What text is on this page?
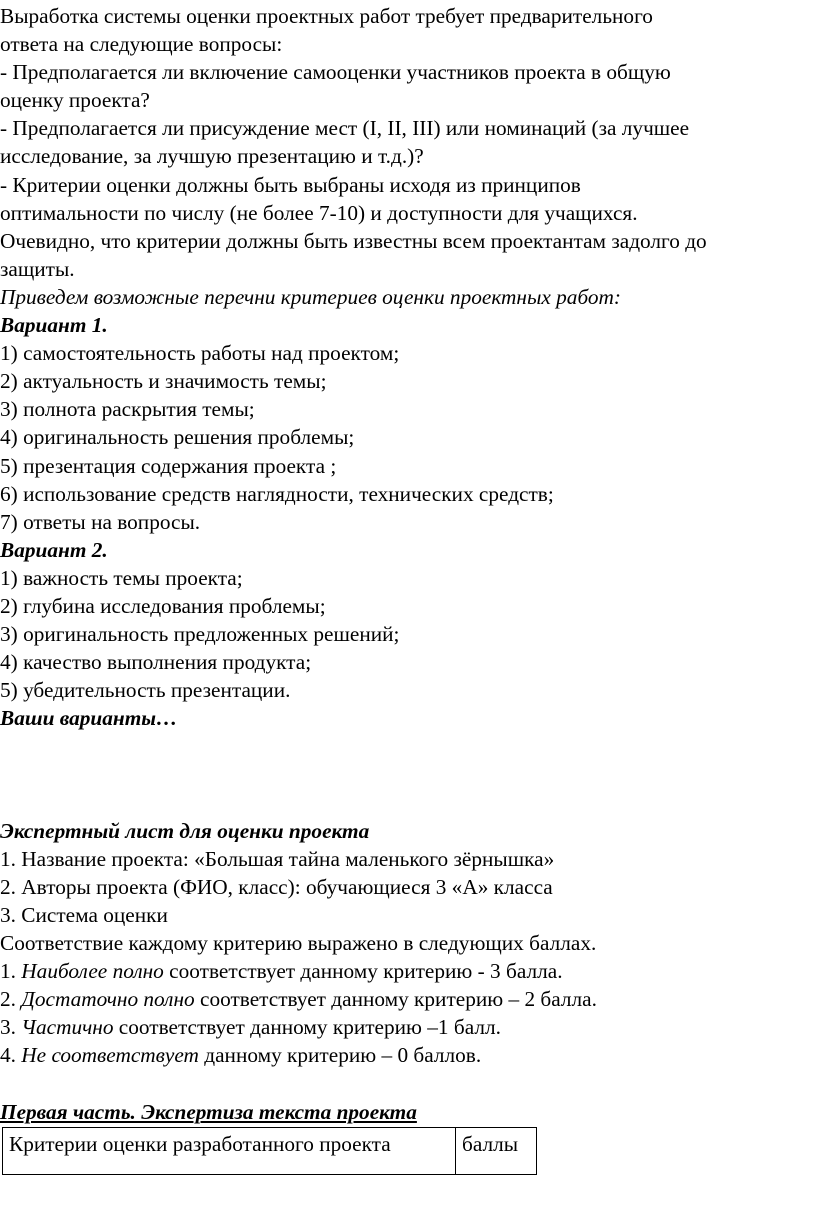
Выработка системы оценки проектных работ требует предварительного

ответа на следующие вопросы:

- Предполагается ли включение самооценки участников проекта в общую

оценку проекта?

- Предполагается ли присуждение мест (I, II, III) или номинаций (за лучшее

исследование, за лучшую презентацию и т.д.)?

- Критерии оценки должны быть выбраны исходя из принципов

оптимальности по числу (не более 7-10) и доступности для учащихся.

Очевидно, что критерии должны быть известны всем проектантам задолго до

защиты.

Приведем возможные перечни критериев оценки проектных работ:

Вариант 1.

1) самостоятельность работы над проектом;

2) актуальность и значимость темы;

3) полнота раскрытия темы;

4) оригинальность решения проблемы;

5) презентация содержания проекта ;

6) использование средств наглядности, технических средств;

7) ответы на вопросы.

Вариант 2.

1) важность темы проекта;

2) глубина исследования проблемы;

3) оригинальность предложенных решений;

4) качество выполнения продукта;

5) убедительность презентации.

Ваши варианты…

Экспертный лист для оценки проекта

1. Название проекта: «Большая тайна маленького зёрнышка»

2. Авторы проекта (ФИО, класс): обучающиеся 3 «А» класса

3. Система оценки

Соответствие каждому критерию выражено в следующих баллах.

1. Наиболее полно соответствует данному критерию - 3 балла.

2. Достаточно полно соответствует данному критерию – 2 балла.

3. Частично соответствует данному критерию –1 балл.

4. Не соответствует данному критерию – 0 баллов.

Первая часть. Экспертиза текста проекта

Критерии оценки разработанного проекта	баллы
